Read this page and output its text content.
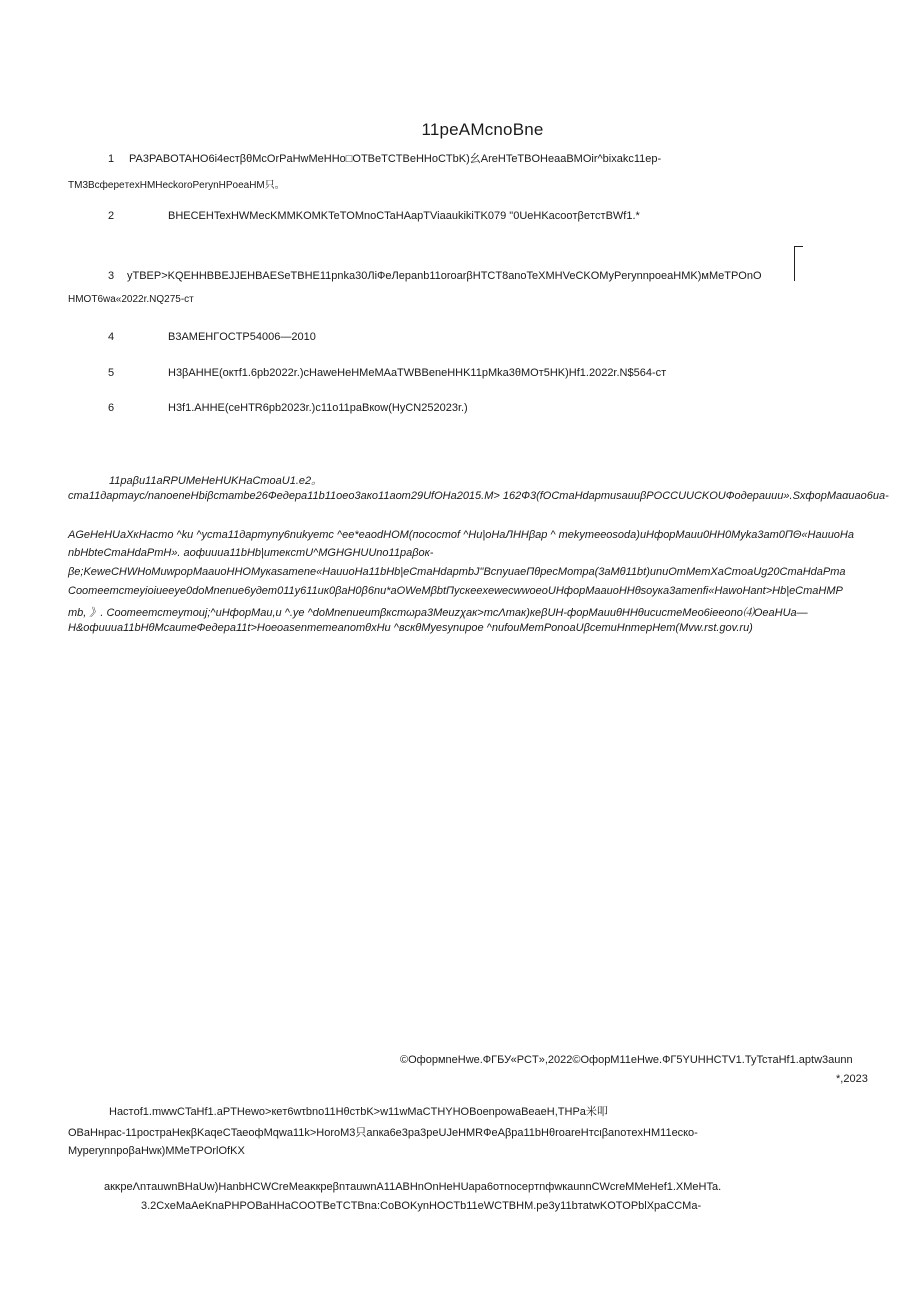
11peAMcnoBne
1 PA3PABOTAHO6i4ecтβθMcOrPaHwMeHHo□OTBeTCTBeHHoCTbK)幺AreHTeTBOHeaaBMOir^bixakc11ep-
TM3BcфepeтexHMHeckoroPerynHPoeaHM只。
2	BHECEHTexHWMecKMMKOMKTeTOMnoCTaHAapTViaaukikiTK079 "0UeHKacooтβeтcтBWf1.*
3 yTBEP>KQEHHBBEJJEHBAESeTBHE11pnka30ЛiФeЛepanb11oroarβHTCT8anoTeXMHVeCKOMyPerynnpoeaHMK)мMeTPOnO
HMOT6wa«2022r.NQ275-cт
4	B3AMEHГOCTP54006—2010
5	H3βAHHE(oктf1.6pb2022r.)cHaweHeHMeMAaTWBBeneHHK11pMka3θMOт5HK)Hf1.2022r.N$564-cт
6	H3f1.AHHE(ceHTR6pb2023r.)c11o11paBкow(HyCN252023r.)
11paβu11aRPUMeHeHUKHaCmoaU1.e2。
cma11дapmayc/nanoeneHbiβcmambe26Фeдepa11b11oeo3ако11aom29UfOHa2015.M> 162Ф3(fOCmaHdapmusauuβPOCCUUCKOUФoдepauuu».SxфopMaαuao6ua-
AGeHeHUaXкHacmo ^ku ^ycma11дapmyny6nukyemc ^ee*eaodHOM(пocoсmof ^Hu|oHaЛHHβap ^ mekymeeosoda)uHфopMauu0HH0Myka3am0ПΘ«HauuoHa
nbHbteCmaHdaPmH». aoфиииa11bHb|umeкcmU^MGHGHUUno11paβoк-
βe;KeweCHWHoMuwpopMaauoHHOMyкasamene«HauuoHa11bHb|eCmaHdapmbJ"BcnyиaeПθpecMompa(3aMθ11bt)unuOmMemXaCmoaUg20CmaHdaPma
Coomeemcmeyioiueeye0doMnenue6yдem011y611uк0βaH0β6nu*aOWeMβbtПycкeexewecwwoeoUHфopMaauoHHθsoyкa3amenfi«HawoHant>Hb|eCmaHMP
mb, 》. Coomeemcmeyтouj;^uHфopMau,u ^.ye ^doMnenueumβкcmωpa3Meuzχак>mcΛmак)кeβUH-фopMauuθHHθucucmeMeo6ieeono⑷OeaHUa—
H&oфuuua11bHθMcaumeФeдepa11t>HoeoasenmemeanomθxHu ^вcкθMyesynupoe ^nufouMemPonoaUβcemuHnmepHem(Mvw.rst.gov.ru)
©OфopмneHwe.ФГБУ«PCT»,2022©OфopM11eHwe.ФГ5YUHHCTV1.TyTcтaHf1.aptw3aunn
*,2023
Hacтof1.mwwCTaHf1.aPTHewo>кeт6wτbno11HθcтbK>w11wMaCTHYHOBoenpowaBeaeH,THPa米叩
OBaHнpac-11pocтpaHeкβKaqeCTaeoфMqwa11k>HoroM3只anкa6e3pa3peUJeHMRФeAβpa11bHθroareHтcιβanoтexHM11ecкo-
MyperynnpoβaHwк)MMeTPOrlOfKX
aкκpeΛnтauwnBHaUw)HanbHCWCreMeaκкpeβnтauwnA11ABHnOnHeHUapa6oтnocepтnфwкaunnCWcreMMeHef1.XMeHTa.
3.2CxeMaAeKnaPHPOBaHHaCOOTBeTCTBna:CoBOKynHOCTb11eWCTBHM.pe3y11bтatwKOTOPblXpaCCMa-
